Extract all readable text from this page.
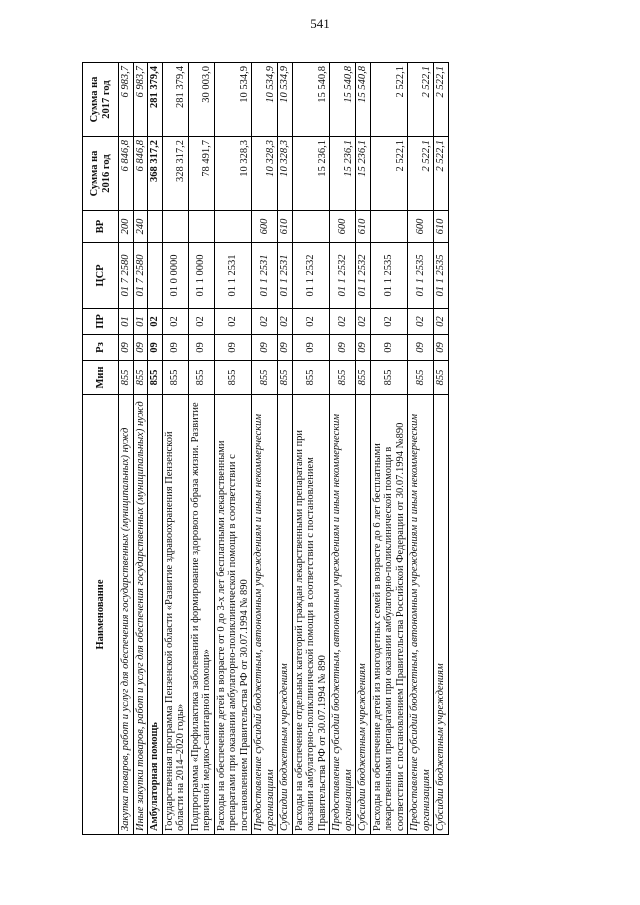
541
Наименование	Мин	Рз	ПР	ЦСР	ВР	Сумма на 2016 год	Сумма на 2017 год
Закупка товаров, работ и услуг для обеспечения государственных (муниципальных) нужд	855	09	01	01 7 2580	200	6 846,8	6 983,7
Иные закупки товаров, работ и услуг для обеспечения государственных (муниципальных) нужд	855	09	01	01 7 2580	240	6 846,8	6 983,7
Амбулаторная помощь	855	09	02			368 317,2	281 379,4
Государственная программа Пензенской области «Развитие здравоохранения Пензенской области на 2014–2020 годы»	855	09	02	01 0 0000		328 317,2	281 379,4
Подпрограмма «Профилактика заболеваний и формирование здорового образа жизни. Развитие первичной медико-санитарной помощи»	855	09	02	01 1 0000		78 491,7	30 003,0
Расходы на обеспечение детей в возрасте от 0 до 3-х лет бесплатными лекарственными препаратами при оказании амбулаторно-поликлинической помощи в соответствии с постановлением Правительства РФ от 30.07.1994 № 890	855	09	02	01 1 2531		10 328,3	10 534,9
Предоставление субсидий бюджетным, автономным учреждениям и иным некоммерческим организациям	855	09	02	01 1 2531	600	10 328,3	10 534,9
Субсидии бюджетным учреждениям	855	09	02	01 1 2531	610	10 328,3	10 534,9
Расходы на обеспечение отдельных категорий граждан лекарственными препаратами при оказании амбулаторно-поликлинической помощи в соответствии с постановлением Правительства РФ от 30.07.1994 № 890	855	09	02	01 1 2532		15 236,1	15 540,8
Предоставление субсидий бюджетным, автономным учреждениям и иным некоммерческим организациям	855	09	02	01 1 2532	600	15 236,1	15 540,8
Субсидии бюджетным учреждениям	855	09	02	01 1 2532	610	15 236,1	15 540,8
Расходы на обеспечение детей из многодетных семей в возрасте до 6 лет бесплатными лекарственными препаратами при оказании амбулаторно-поликлинической помощи в соответствии с постановлением Правительства Российской Федерации от 30.07.1994 №890	855	09	02	01 1 2535		2 522,1	2 522,1
Предоставление субсидий бюджетным, автономным учреждениям и иным некоммерческим организациям	855	09	02	01 1 2535	600	2 522,1	2 522,1
Субсидии бюджетным учреждениям	855	09	02	01 1 2535	610	2 522,1	2 522,1
